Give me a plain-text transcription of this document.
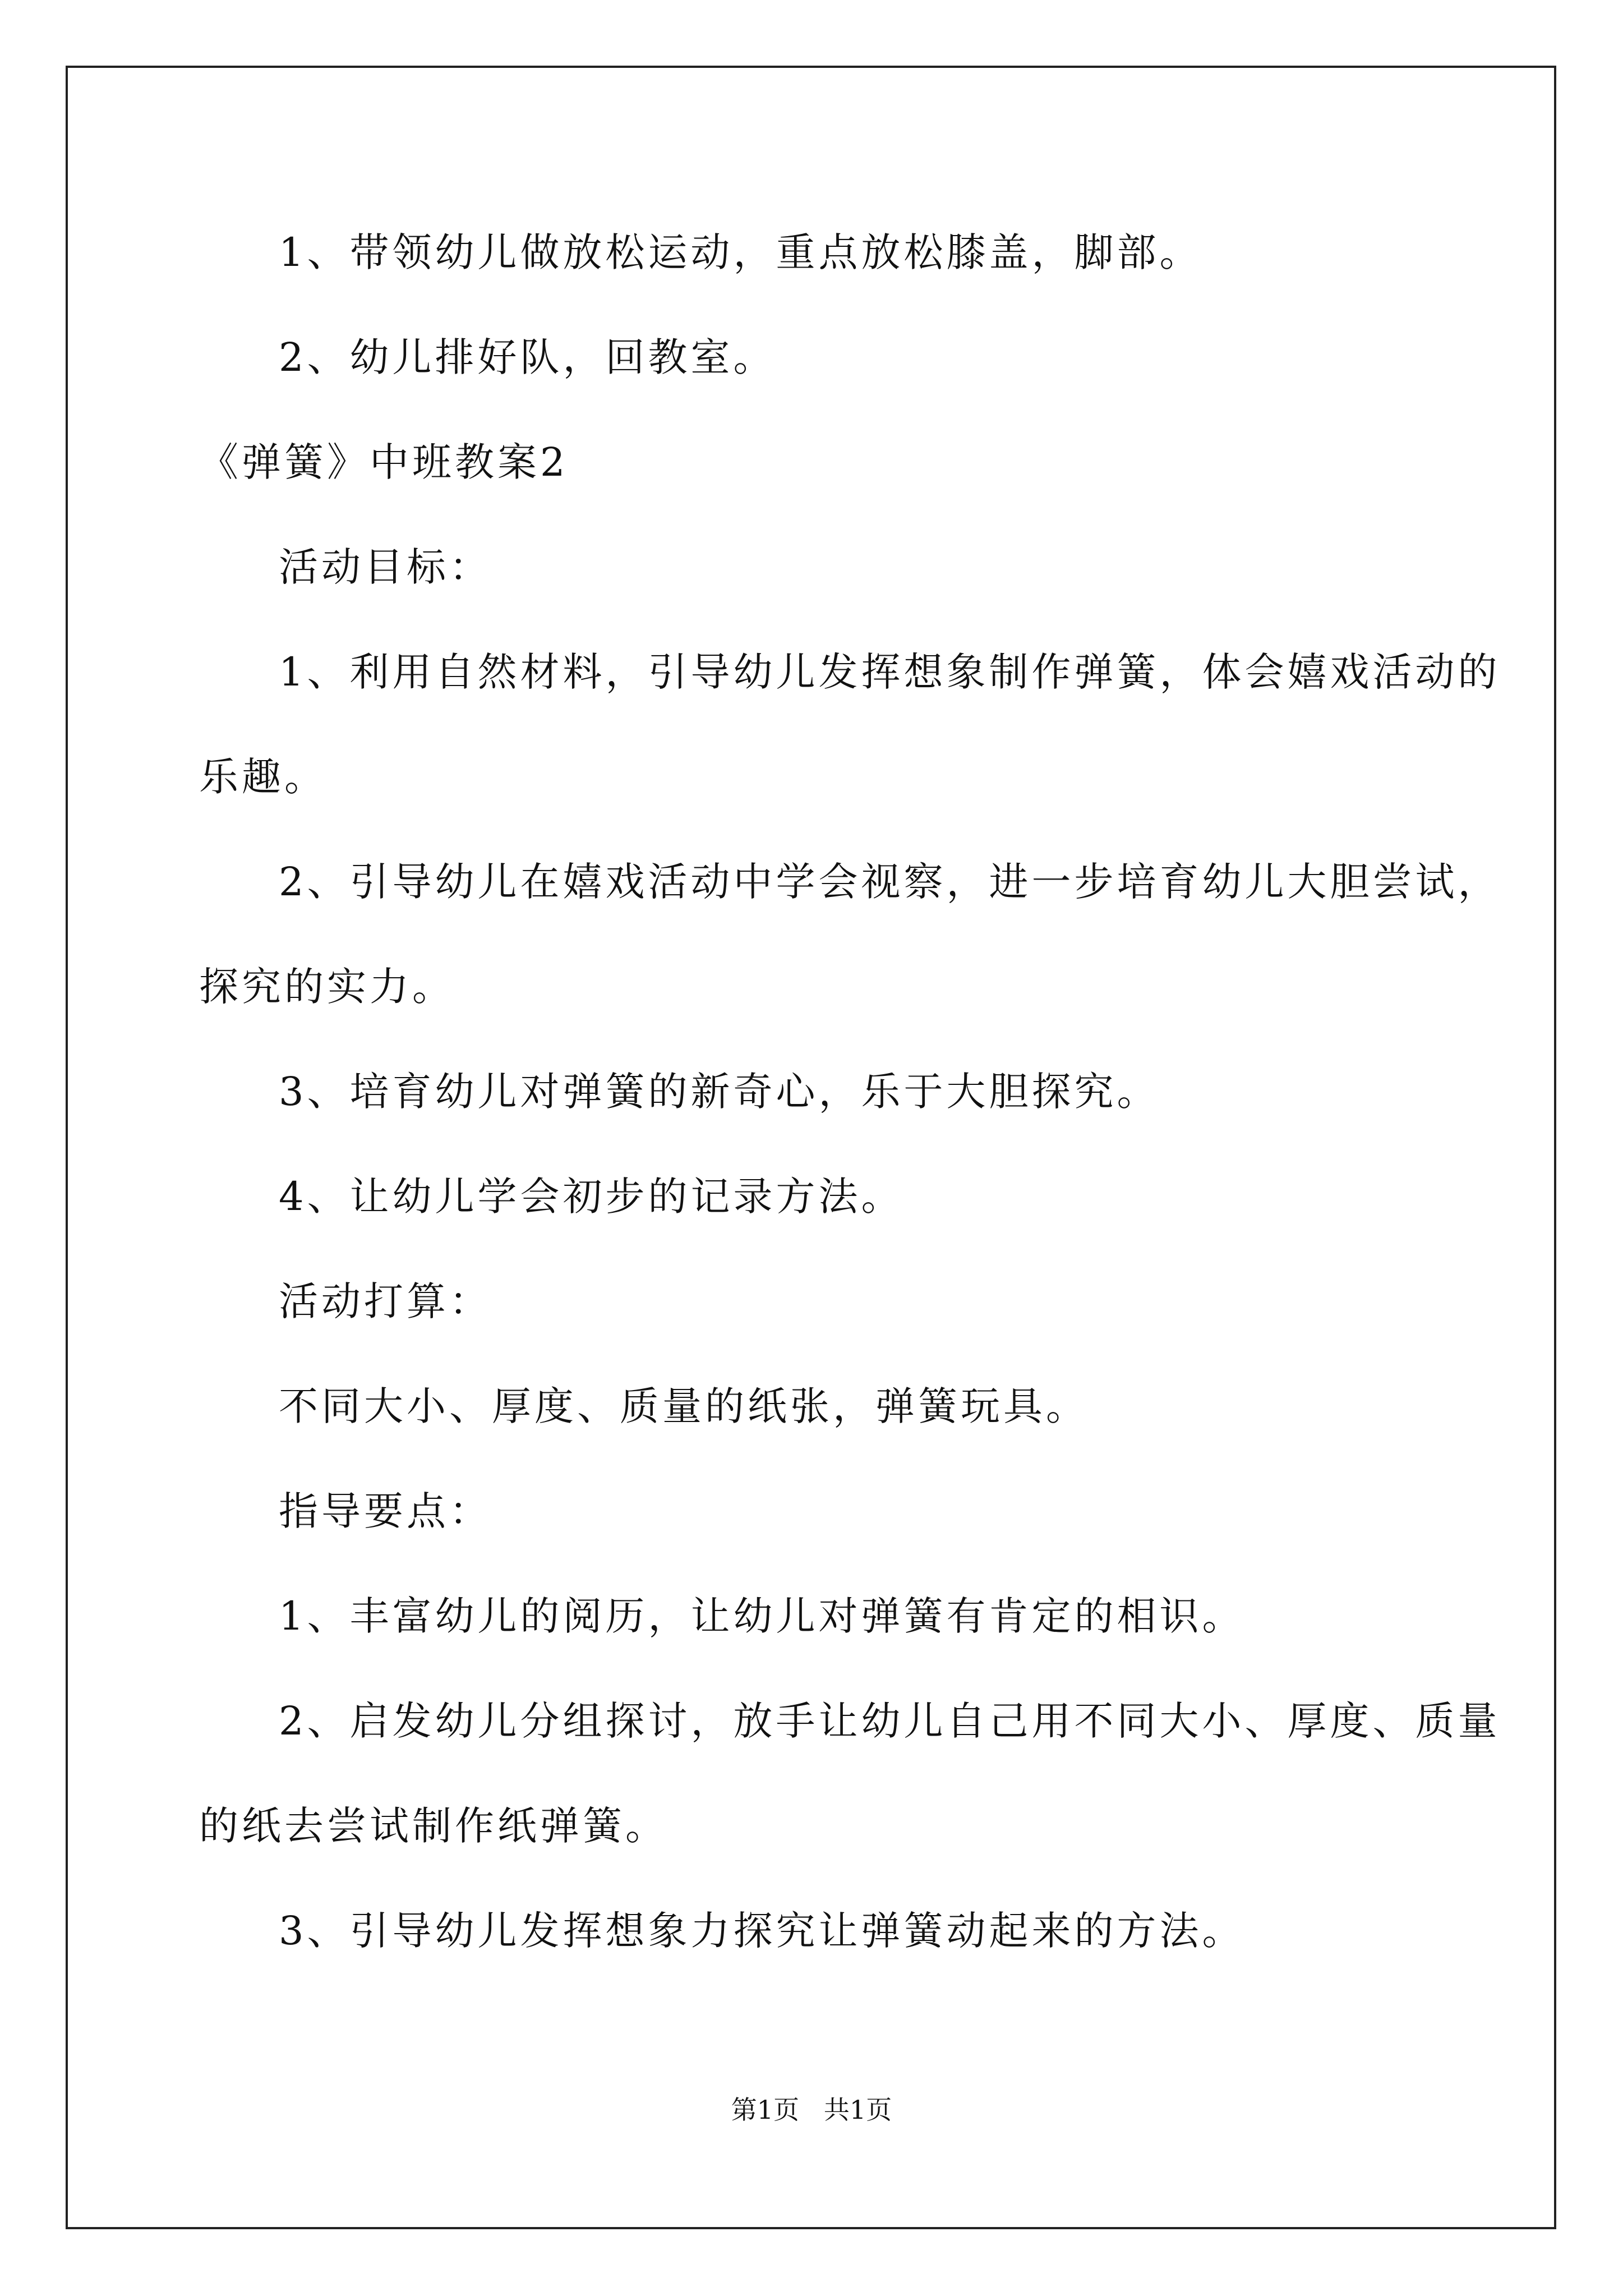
1、带领幼儿做放松运动，重点放松膝盖，脚部。
2、幼儿排好队，回教室。
《弹簧》中班教案2
活动目标：
1、利用自然材料，引导幼儿发挥想象制作弹簧，体会嬉戏活动的
乐趣。
2、引导幼儿在嬉戏活动中学会视察，进一步培育幼儿大胆尝试，
探究的实力。
3、培育幼儿对弹簧的新奇心，乐于大胆探究。
4、让幼儿学会初步的记录方法。
活动打算：
不同大小、厚度、质量的纸张，弹簧玩具。
指导要点：
1、丰富幼儿的阅历，让幼儿对弹簧有肯定的相识。
2、启发幼儿分组探讨，放手让幼儿自己用不同大小、厚度、质量
的纸去尝试制作纸弹簧。
3、引导幼儿发挥想象力探究让弹簧动起来的方法。
第1页   共1页
